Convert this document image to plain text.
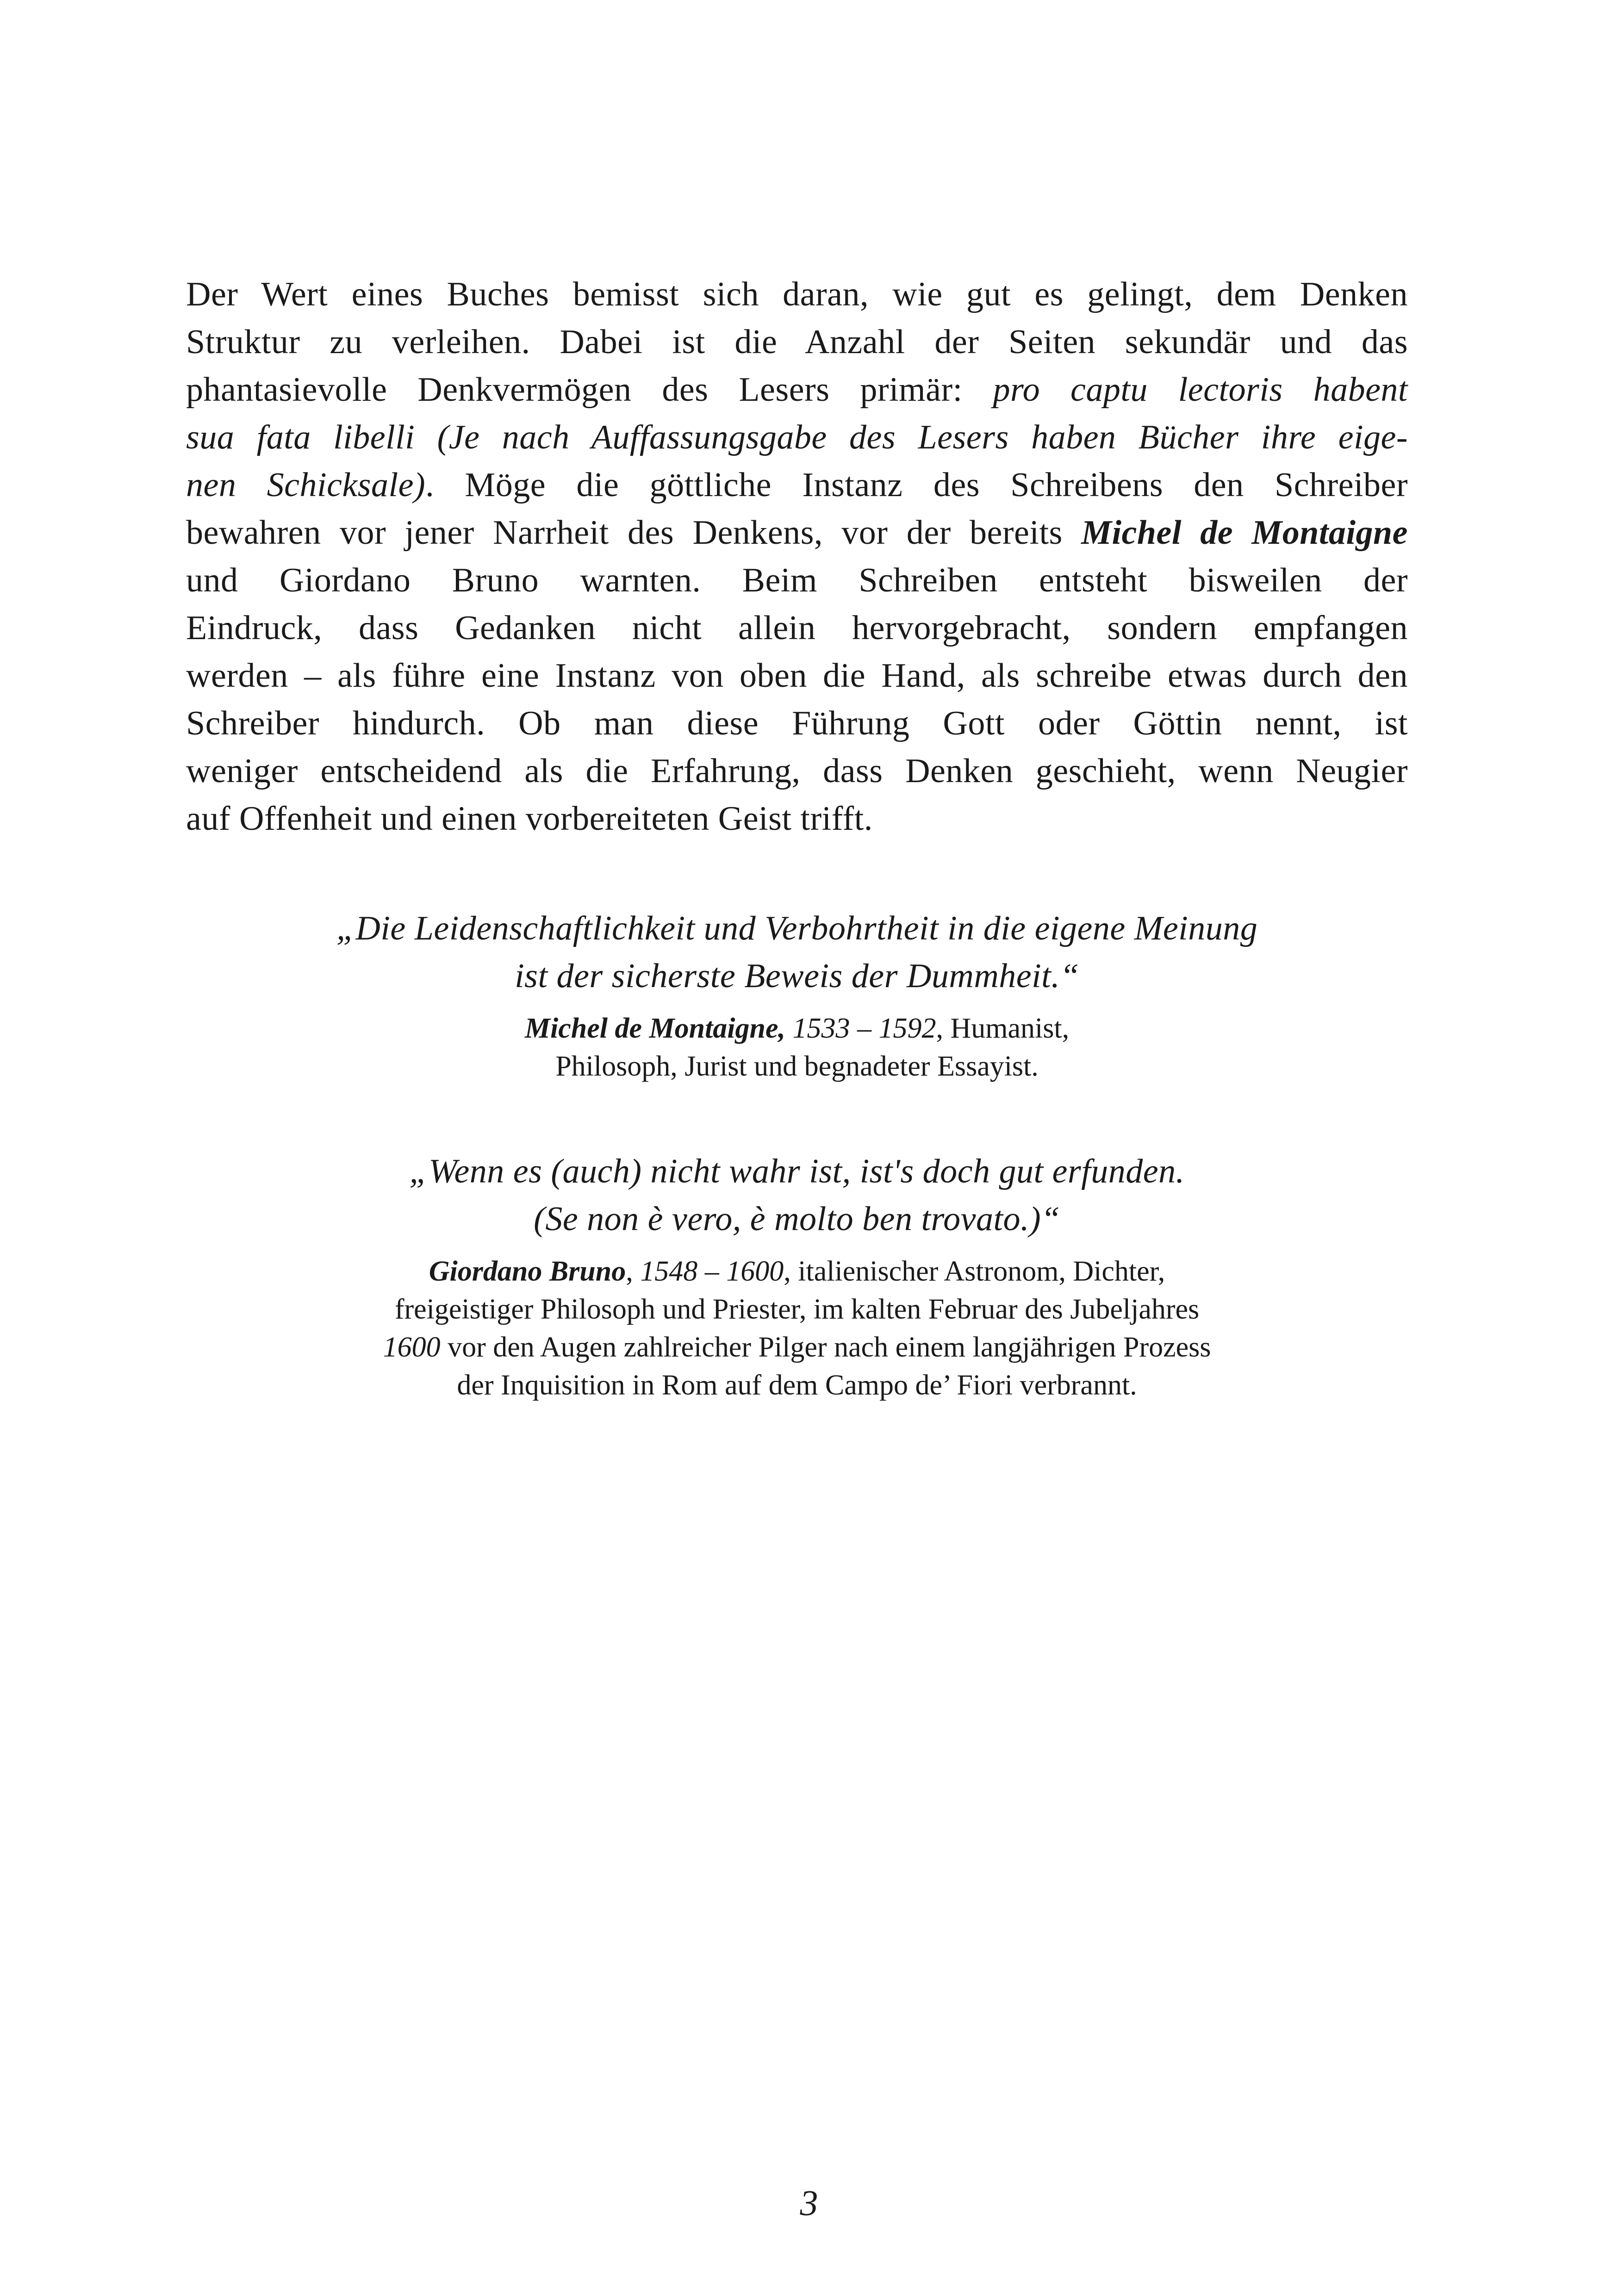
Der Wert eines Buches bemisst sich daran, wie gut es gelingt, dem Denken
Struktur zu verleihen. Dabei ist die Anzahl der Seiten sekundär und das
phantasievolle Denkvermögen des Lesers primär: pro captu lectoris habent
sua fata libelli (Je nach Auffassungsgabe des Lesers haben Bücher ihre eige-
nen Schicksale). Möge die göttliche Instanz des Schreibens den Schreiber
bewahren vor jener Narrheit des Denkens, vor der bereits Michel de Montaigne
und Giordano Bruno warnten. Beim Schreiben entsteht bisweilen der
Eindruck, dass Gedanken nicht allein hervorgebracht, sondern empfangen
werden – als führe eine Instanz von oben die Hand, als schreibe etwas durch den
Schreiber hindurch. Ob man diese Führung Gott oder Göttin nennt, ist
weniger entscheidend als die Erfahrung, dass Denken geschieht, wenn Neugier
auf Offenheit und einen vorbereiteten Geist trifft.
„Die Leidenschaftlichkeit und Verbohrtheit in die eigene Meinung
ist der sicherste Beweis der Dummheit.“
Michel de Montaigne, 1533 – 1592, Humanist,
Philosoph, Jurist und begnadeter Essayist.
„Wenn es (auch) nicht wahr ist, ist's doch gut erfunden.
(Se non è vero, è molto ben trovato.)“
Giordano Bruno, 1548 – 1600, italienischer Astronom, Dichter,
freigeistiger Philosoph und Priester, im kalten Februar des Jubeljahres
1600 vor den Augen zahlreicher Pilger nach einem langjährigen Prozess
der Inquisition in Rom auf dem Campo de’ Fiori verbrannt.
3
